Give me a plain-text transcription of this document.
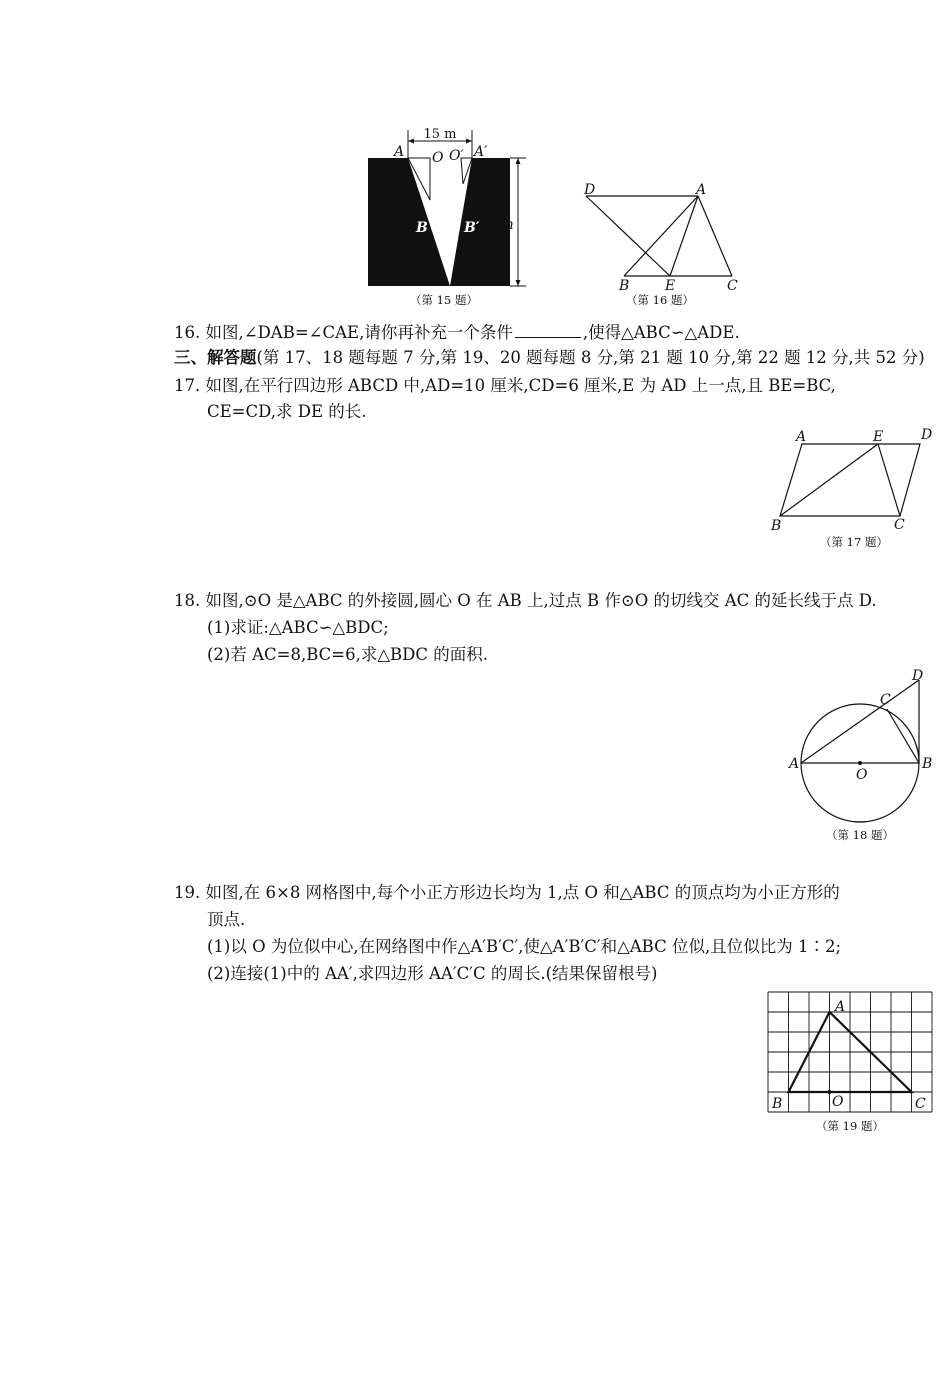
15 m
h
A O O′ A′
B	B′
（第 15 题）
D	A
B	E	C
（第 16 题）
16. 如图,∠DAB=∠CAE,请你再补充一个条件	,使得△ABC∽△ADE.
三、解答题(第 17、18 题每题 7 分,第 19、20 题每题 8 分,第 21 题 10 分,第 22 题 12 分,共 52 分)
17. 如图,在平行四边形 ABCD 中,AD=10 厘米,CD=6 厘米,E 为 AD 上一点,且 BE=BC,
CE=CD,求 DE 的长.
A	E	D
B	C
（第 17 题）
18. 如图,⊙O 是△ABC 的外接圆,圆心 O 在 AB 上,过点 B 作⊙O 的切线交 AC 的延长线于点 D.
(1)求证:△ABC∽△BDC;
(2)若 AC=8,BC=6,求△BDC 的面积.
D
C
A	B
O
（第 18 题）
19. 如图,在 6×8 网格图中,每个小正方形边长均为 1,点 O 和△ABC 的顶点均为小正方形的
顶点.
(1)以 O 为位似中心,在网络图中作△A′B′C′,使△A′B′C′和△ABC 位似,且位似比为 1∶2;
(2)连接(1)中的 AA′,求四边形 AA′C′C 的周长.(结果保留根号)
A
B	O	C
（第 19 题）
